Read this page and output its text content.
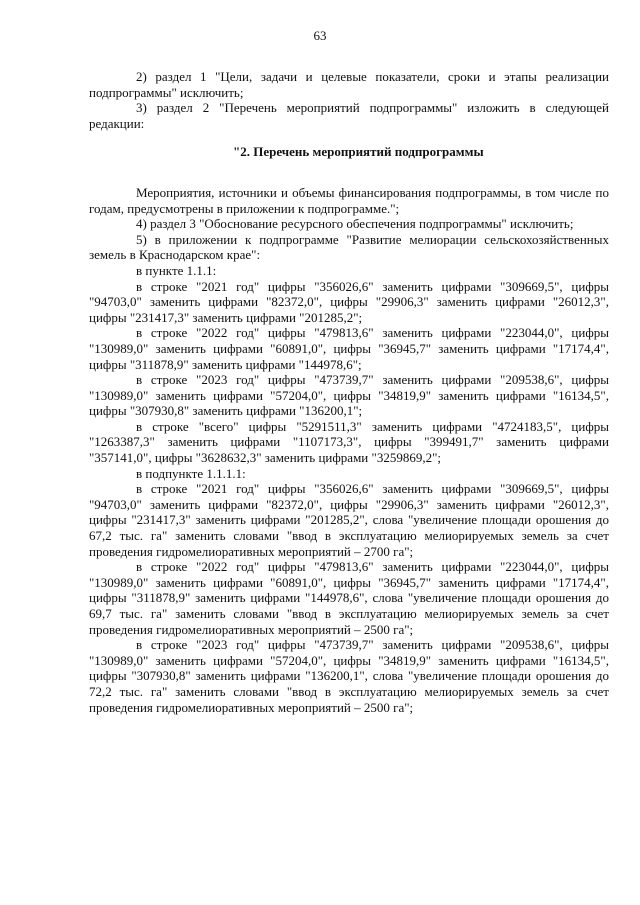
63

2) раздел 1 "Цели, задачи и целевые показатели, сроки и этапы реализации подпрограммы" исключить;

3) раздел 2 "Перечень мероприятий подпрограммы" изложить в следующей редакции:

"2. Перечень мероприятий подпрограммы

Мероприятия, источники и объемы финансирования подпрограммы, в том числе по годам, предусмотрены в приложении к подпрограмме.";

4) раздел 3 "Обоснование ресурсного обеспечения подпрограммы" исключить;

5) в приложении к подпрограмме "Развитие мелиорации сельскохозяйственных земель в Краснодарском крае":

в пункте 1.1.1:

в строке "2021 год" цифры "356026,6" заменить цифрами "309669,5", цифры "94703,0" заменить цифрами "82372,0", цифры "29906,3" заменить цифрами "26012,3", цифры "231417,3" заменить цифрами "201285,2";

в строке "2022 год" цифры "479813,6" заменить цифрами "223044,0", цифры "130989,0" заменить цифрами "60891,0", цифры "36945,7" заменить цифрами "17174,4", цифры "311878,9" заменить цифрами "144978,6";

в строке "2023 год" цифры "473739,7" заменить цифрами "209538,6", цифры "130989,0" заменить цифрами "57204,0", цифры "34819,9" заменить цифрами "16134,5", цифры "307930,8" заменить цифрами "136200,1";

в строке "всего" цифры "5291511,3" заменить цифрами "4724183,5", цифры "1263387,3" заменить цифрами "1107173,3", цифры "399491,7" заменить цифрами "357141,0", цифры "3628632,3" заменить цифрами "3259869,2";

в подпункте 1.1.1.1:

в строке "2021 год" цифры "356026,6" заменить цифрами "309669,5", цифры "94703,0" заменить цифрами "82372,0", цифры "29906,3" заменить цифрами "26012,3", цифры "231417,3" заменить цифрами "201285,2", слова "увеличение площади орошения до 67,2 тыс. га" заменить словами "ввод в эксплуатацию мелиорируемых земель за счет проведения гидромелиоративных мероприятий – 2700 га";

в строке "2022 год" цифры "479813,6" заменить цифрами "223044,0", цифры "130989,0" заменить цифрами "60891,0", цифры "36945,7" заменить цифрами "17174,4", цифры "311878,9" заменить цифрами "144978,6", слова "увеличение площади орошения до 69,7 тыс. га" заменить словами "ввод в эксплуатацию мелиорируемых земель за счет проведения гидромелиоративных мероприятий – 2500 га";

в строке "2023 год" цифры "473739,7" заменить цифрами "209538,6", цифры "130989,0" заменить цифрами "57204,0", цифры "34819,9" заменить цифрами "16134,5", цифры "307930,8" заменить цифрами "136200,1", слова "увеличение площади орошения до 72,2 тыс. га" заменить словами "ввод в эксплуатацию мелиорируемых земель за счет проведения гидромелиоративных мероприятий – 2500 га";
